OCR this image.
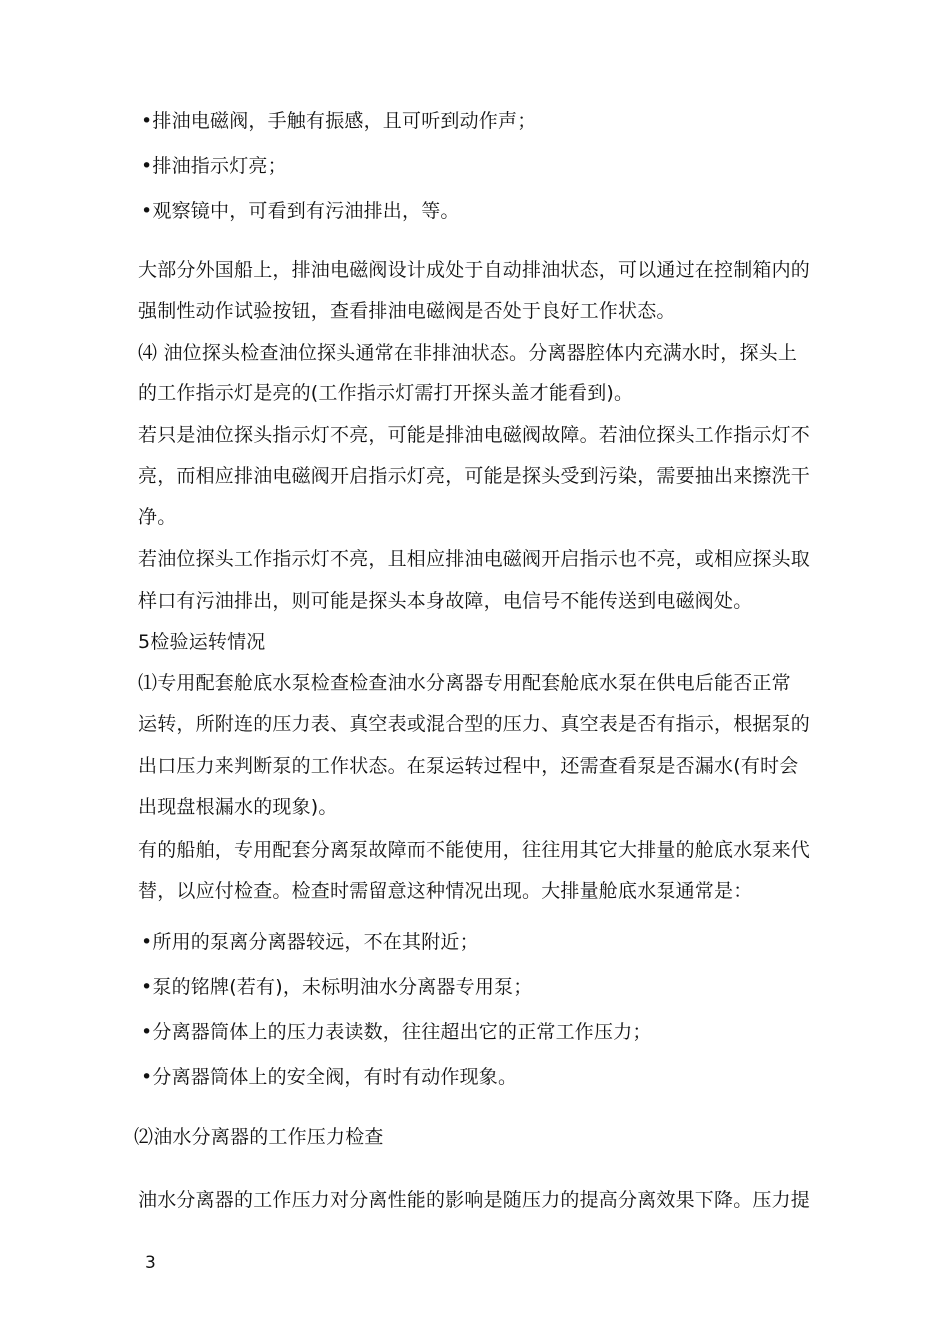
•排油电磁阀，手触有振感，且可听到动作声；
•排油指示灯亮；
•观察镜中，可看到有污油排出，等。
大部分外国船上，排油电磁阀设计成处于自动排油状态，可以通过在控制箱内的
强制性动作试验按钮，查看排油电磁阀是否处于良好工作状态。
⑷ 油位探头检查油位探头通常在非排油状态。分离器腔体内充满水时，探头上
的工作指示灯是亮的(工作指示灯需打开探头盖才能看到)。
若只是油位探头指示灯不亮，可能是排油电磁阀故障。若油位探头工作指示灯不
亮，而相应排油电磁阀开启指示灯亮，可能是探头受到污染，需要抽出来擦洗干
净。
若油位探头工作指示灯不亮，且相应排油电磁阀开启指示也不亮，或相应探头取
样口有污油排出，则可能是探头本身故障，电信号不能传送到电磁阀处。
5检验运转情况
⑴专用配套舱底水泵检查检查油水分离器专用配套舱底水泵在供电后能否正常
运转，所附连的压力表、真空表或混合型的压力、真空表是否有指示，根据泵的
出口压力来判断泵的工作状态。在泵运转过程中，还需查看泵是否漏水(有时会
出现盘根漏水的现象)。
有的船舶，专用配套分离泵故障而不能使用，往往用其它大排量的舱底水泵来代
替，以应付检查。检查时需留意这种情况出现。大排量舱底水泵通常是：
•所用的泵离分离器较远，不在其附近；
•泵的铭牌(若有)，未标明油水分离器专用泵；
•分离器筒体上的压力表读数，往往超出它的正常工作压力；
•分离器筒体上的安全阀，有时有动作现象。
⑵油水分离器的工作压力检查
油水分离器的工作压力对分离性能的影响是随压力的提高分离效果下降。压力提
3
